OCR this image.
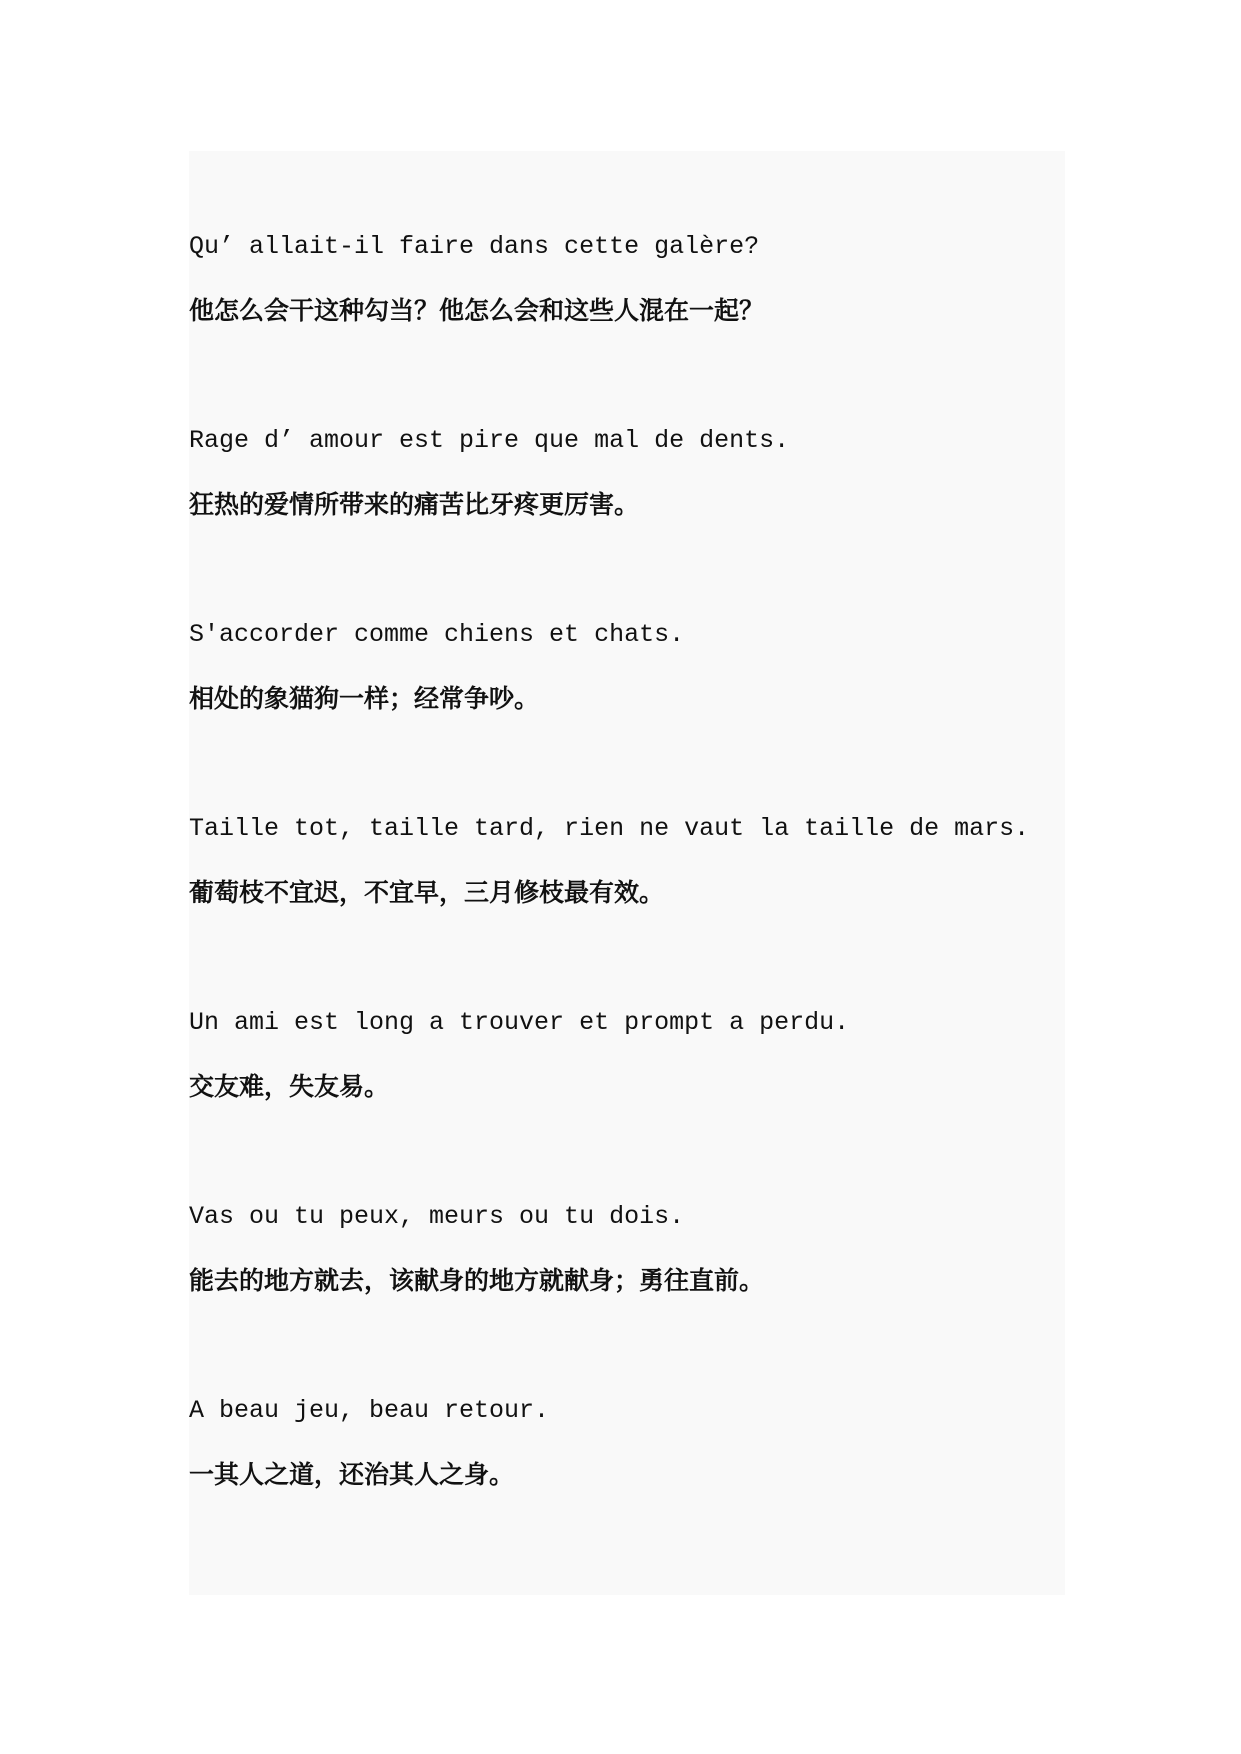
Qu’ allait-il faire dans cette galère?
他怎么会干这种勾当？他怎么会和这些人混在一起？
Rage d’ amour est pire que mal de dents.
狂热的爱情所带来的痛苦比牙疼更厉害。
S′accorder comme chiens et chats.
相处的象猫狗一样；经常争吵。
Taille tot, taille tard, rien ne vaut la taille de mars.
葡萄枝不宜迟，不宜早，三月修枝最有效。
Un ami est long a trouver et prompt a perdu.
交友难，失友易。
Vas ou tu peux, meurs ou tu dois.
能去的地方就去，该献身的地方就献身；勇往直前。
A beau jeu, beau retour.
一其人之道，还治其人之身。
